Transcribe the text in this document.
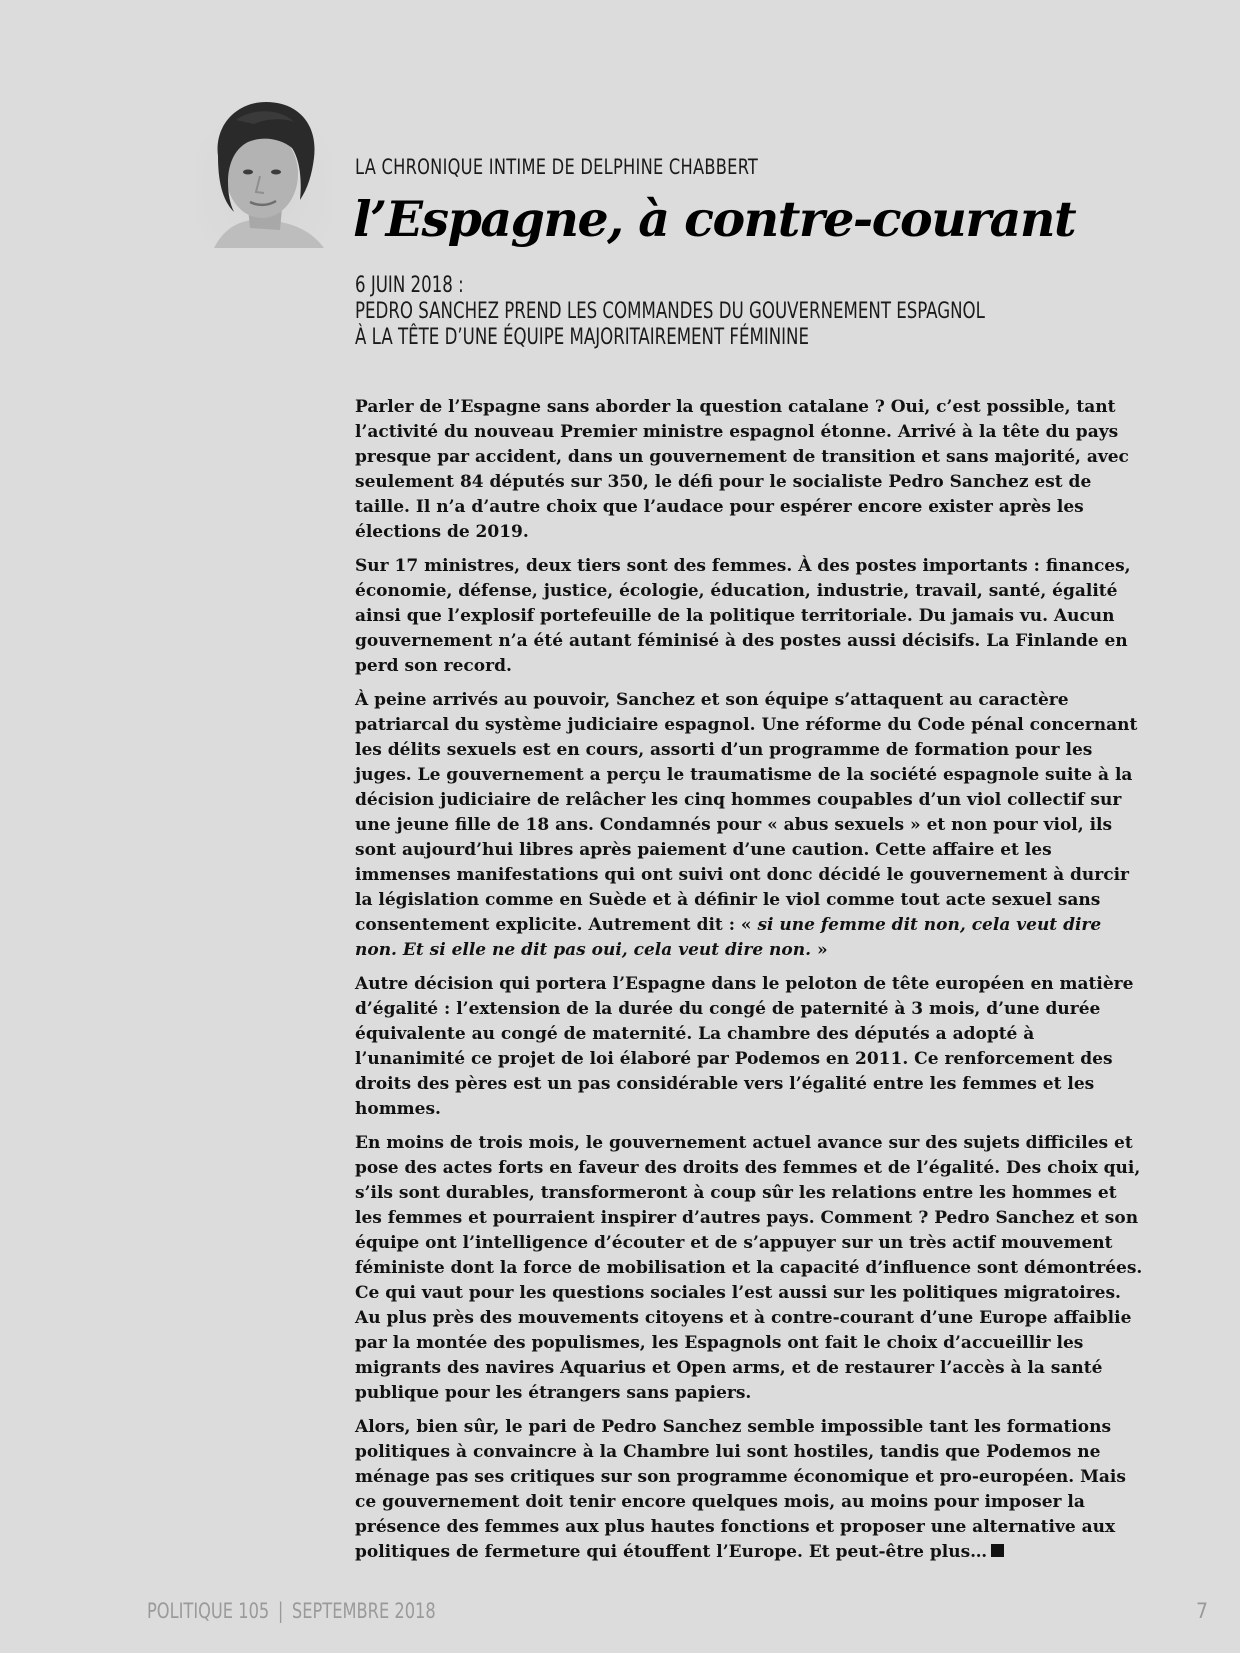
LA CHRONIQUE INTIME DE DELPHINE CHABBERT
l’Espagne, à contre-courant
6 JUIN 2018 :
PEDRO SANCHEZ PREND LES COMMANDES DU GOUVERNEMENT ESPAGNOL
À LA TÊTE D’UNE ÉQUIPE MAJORITAIREMENT FÉMININE

Parler de l’Espagne sans aborder la question catalane ? Oui, c’est possible, tant l’activité du nouveau Premier ministre espagnol étonne. Arrivé à la tête du pays presque par accident, dans un gouvernement de transition et sans majorité, avec seulement 84 députés sur 350, le défi pour le socialiste Pedro Sanchez est de taille. Il n’a d’autre choix que l’audace pour espérer encore exister après les élections de 2019.

Sur 17 ministres, deux tiers sont des femmes. À des postes importants : finances, économie, défense, justice, écologie, éducation, industrie, travail, santé, égalité ainsi que l’explosif portefeuille de la politique territoriale. Du jamais vu. Aucun gouvernement n’a été autant féminisé à des postes aussi décisifs. La Finlande en perd son record.

À peine arrivés au pouvoir, Sanchez et son équipe s’attaquent au caractère patriarcal du système judiciaire espagnol. Une réforme du Code pénal concernant les délits sexuels est en cours, assorti d’un programme de formation pour les juges. Le gouvernement a perçu le traumatisme de la société espagnole suite à la décision judiciaire de relâcher les cinq hommes coupables d’un viol collectif sur une jeune fille de 18 ans. Condamnés pour « abus sexuels » et non pour viol, ils sont aujourd’hui libres après paiement d’une caution. Cette affaire et les immenses manifestations qui ont suivi ont donc décidé le gouvernement à durcir la législation comme en Suède et à définir le viol comme tout acte sexuel sans consentement explicite. Autrement dit : « si une femme dit non, cela veut dire non. Et si elle ne dit pas oui, cela veut dire non. »

Autre décision qui portera l’Espagne dans le peloton de tête européen en matière d’égalité : l’extension de la durée du congé de paternité à 3 mois, d’une durée équivalente au congé de maternité. La chambre des députés a adopté à l’unanimité ce projet de loi élaboré par Podemos en 2011. Ce renforcement des droits des pères est un pas considérable vers l’égalité entre les femmes et les hommes.

En moins de trois mois, le gouvernement actuel avance sur des sujets difficiles et pose des actes forts en faveur des droits des femmes et de l’égalité. Des choix qui, s’ils sont durables, transformeront à coup sûr les relations entre les hommes et les femmes et pourraient inspirer d’autres pays. Comment ? Pedro Sanchez et son équipe ont l’intelligence d’écouter et de s’appuyer sur un très actif mouvement féministe dont la force de mobilisation et la capacité d’influence sont démontrées. Ce qui vaut pour les questions sociales l’est aussi sur les politiques migratoires. Au plus près des mouvements citoyens et à contre-courant d’une Europe affaiblie par la montée des populismes, les Espagnols ont fait le choix d’accueillir les migrants des navires Aquarius et Open arms, et de restaurer l’accès à la santé publique pour les étrangers sans papiers.

Alors, bien sûr, le pari de Pedro Sanchez semble impossible tant les formations politiques à convaincre à la Chambre lui sont hostiles, tandis que Podemos ne ménage pas ses critiques sur son programme économique et pro-européen. Mais ce gouvernement doit tenir encore quelques mois, au moins pour imposer la présence des femmes aux plus hautes fonctions et proposer une alternative aux politiques de fermeture qui étouffent l’Europe. Et peut-être plus…

POLITIQUE 105 | SEPTEMBRE 2018	7
